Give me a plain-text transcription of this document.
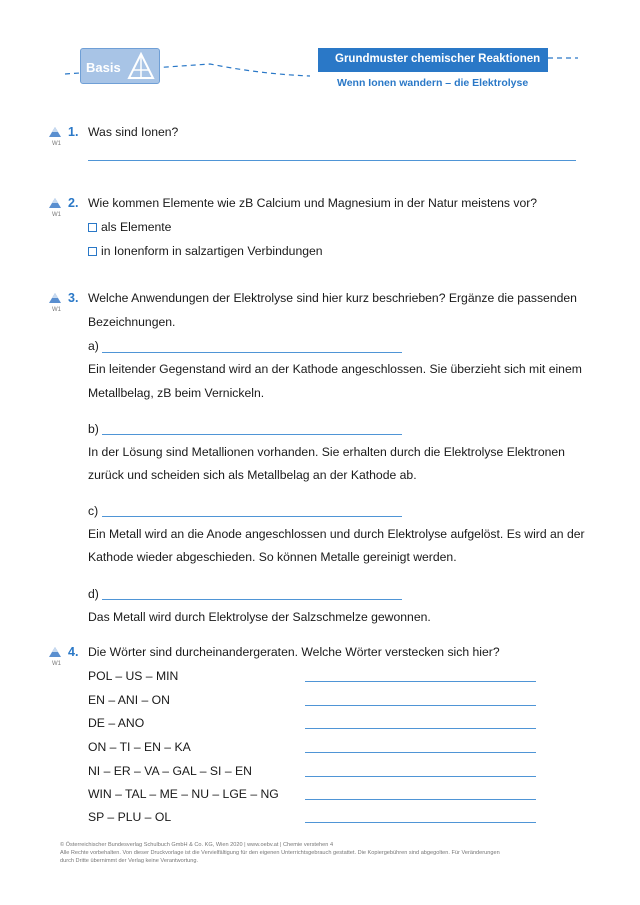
Basis
Grundmuster chemischer Reaktionen
Wenn Ionen wandern – die Elektrolyse
W1
1. Was sind Ionen?
W1
2. Wie kommen Elemente wie zB Calcium und Magnesium in der Natur meistens vor?
als Elemente
in Ionenform in salzartigen Verbindungen
W1
3. Welche Anwendungen der Elektrolyse sind hier kurz beschrieben? Ergänze die passenden
Bezeichnungen.
a)
Ein leitender Gegenstand wird an der Kathode angeschlossen. Sie überzieht sich mit einem
Metallbelag, zB beim Vernickeln.
b)
In der Lösung sind Metallionen vorhanden. Sie erhalten durch die Elektrolyse Elektronen
zurück und scheiden sich als Metallbelag an der Kathode ab.
c)
Ein Metall wird an die Anode angeschlossen und durch Elektrolyse aufgelöst. Es wird an der
Kathode wieder abgeschieden. So können Metalle gereinigt werden.
d)
Das Metall wird durch Elektrolyse der Salzschmelze gewonnen.
W1
4. Die Wörter sind durcheinandergeraten. Welche Wörter verstecken sich hier?
POL – US – MIN
EN – ANI – ON
DE – ANO
ON – TI – EN – KA
NI – ER – VA – GAL – SI – EN
WIN – TAL – ME – NU – LGE – NG
SP – PLU – OL
© Österreichischer Bundesverlag Schulbuch GmbH & Co. KG, Wien 2020 | www.oebv.at | Chemie verstehen 4
Alle Rechte vorbehalten. Von dieser Druckvorlage ist die Vervielfältigung für den eigenen Unterrichtsgebrauch gestattet. Die Kopiergebühren sind abgegolten. Für Veränderungen
durch Dritte übernimmt der Verlag keine Verantwortung.
